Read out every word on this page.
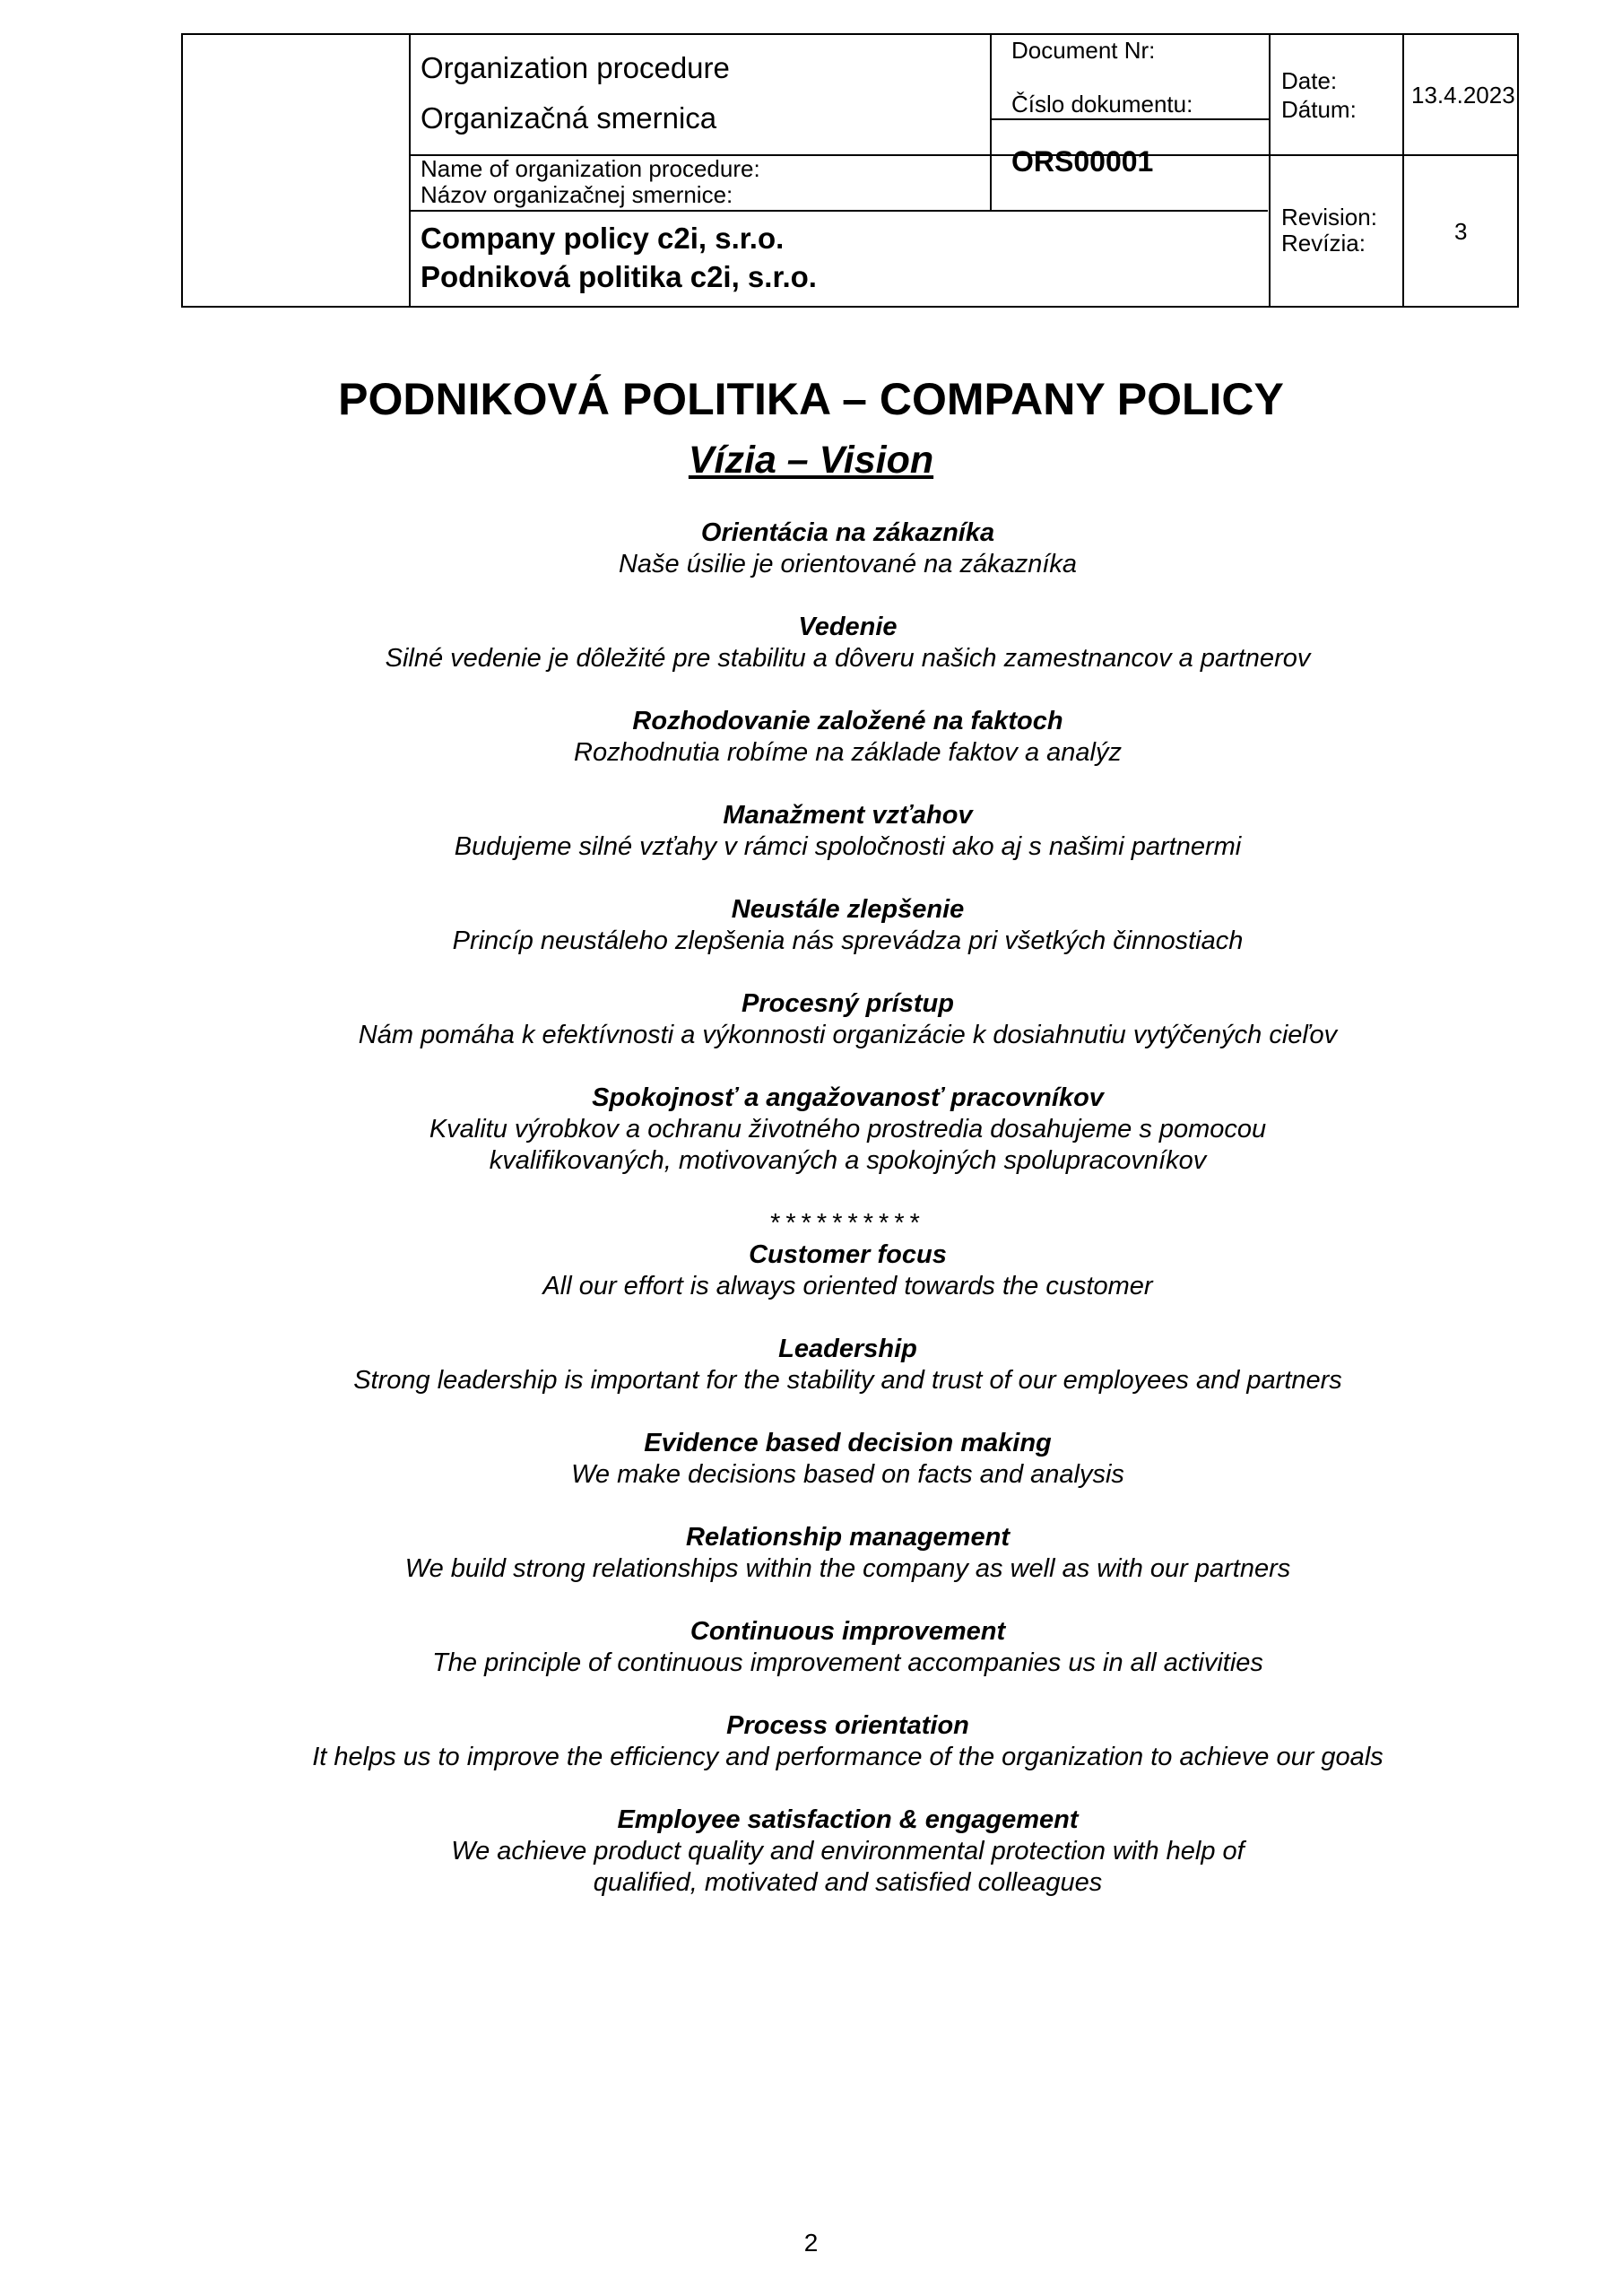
Organization procedure
Organizačná smernica
Name of organization procedure:
Názov organizačnej smernice:
Company policy c2i, s.r.o.
Podniková politika c2i, s.r.o.
Document Nr:
Číslo dokumentu:
ORS00001
Date:
Dátum:
13.4.2023
Revision:
Revízia:	3
PODNIKOVÁ POLITIKA – COMPANY POLICY
Vízia – Vision
Orientácia na zákazníka
Naše úsilie je orientované na zákazníka
Vedenie
Silné vedenie je dôležité pre stabilitu a dôveru našich zamestnancov a partnerov
Rozhodovanie založené na faktoch
Rozhodnutia robíme na základe faktov a analýz
Manažment vzťahov
Budujeme silné vzťahy v rámci spoločnosti ako aj s našimi partnermi
Neustále zlepšenie
Princíp neustáleho zlepšenia nás sprevádza pri všetkých činnostiach
Procesný prístup
Nám pomáha k efektívnosti a výkonnosti organizácie k dosiahnutiu vytýčených cieľov
Spokojnosť a angažovanosť pracovníkov
Kvalitu výrobkov a ochranu životného prostredia dosahujeme s pomocou
kvalifikovaných, motivovaných a spokojných spolupracovníkov
**********
Customer focus
All our effort is always oriented towards the customer
Leadership
Strong leadership is important for the stability and trust of our employees and partners
Evidence based decision making
We make decisions based on facts and analysis
Relationship management
We build strong relationships within the company as well as with our partners
Continuous improvement
The principle of continuous improvement accompanies us in all activities
Process orientation
It helps us to improve the efficiency and performance of the organization to achieve our goals
Employee satisfaction & engagement
We achieve product quality and environmental protection with help of
qualified, motivated and satisfied colleagues
2
